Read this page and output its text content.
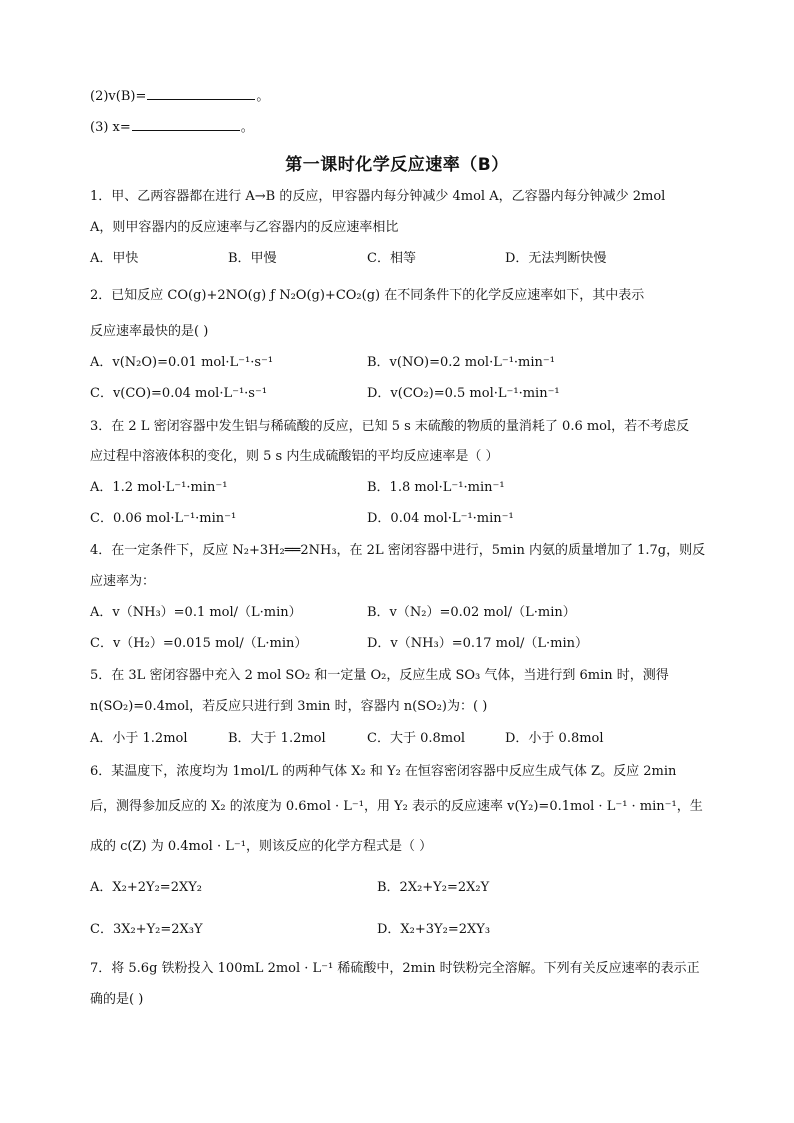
(2)v(B)=	。
(3) x=	。
第一课时化学反应速率（B）
1．甲、乙两容器都在进行 A→B 的反应，甲容器内每分钟减少 4mol A，乙容器内每分钟减少 2mol
A，则甲容器内的反应速率与乙容器内的反应速率相比
A．甲快	B．甲慢	C．相等	D．无法判断快慢
2．已知反应 CO(g)+2NO(g) ƒ N₂O(g)+CO₂(g) 在不同条件下的化学反应速率如下，其中表示
反应速率最快的是( )
A．v(N₂O)=0.01 mol·L⁻¹·s⁻¹	B．v(NO)=0.2 mol·L⁻¹·min⁻¹
C．v(CO)=0.04 mol·L⁻¹·s⁻¹	D．v(CO₂)=0.5 mol·L⁻¹·min⁻¹
3．在 2 L 密闭容器中发生铝与稀硫酸的反应，已知 5 s 末硫酸的物质的量消耗了 0.6 mol，若不考虑反
应过程中溶液体积的变化，则 5 s 内生成硫酸铝的平均反应速率是（ ）
A．1.2 mol·L⁻¹·min⁻¹	B．1.8 mol·L⁻¹·min⁻¹
C．0.06 mol·L⁻¹·min⁻¹	D．0.04 mol·L⁻¹·min⁻¹
4．在一定条件下，反应 N₂+3H₂══2NH₃，在 2L 密闭容器中进行，5min 内氨的质量增加了 1.7g，则反
应速率为：
A．v（NH₃）=0.1 mol/（L·min）	B．v（N₂）=0.02 mol/（L·min）
C．v（H₂）=0.015 mol/（L·min）	D．v（NH₃）=0.17 mol/（L·min）
5．在 3L 密闭容器中充入 2 mol SO₂ 和一定量 O₂，反应生成 SO₃ 气体，当进行到 6min 时，测得
n(SO₂)=0.4mol，若反应只进行到 3min 时，容器内 n(SO₂)为：( )
A．小于 1.2mol	B．大于 1.2mol	C．大于 0.8mol	D．小于 0.8mol
6．某温度下，浓度均为 1mol/L 的两种气体 X₂ 和 Y₂ 在恒容密闭容器中反应生成气体 Z。反应 2min
后，测得参加反应的 X₂ 的浓度为 0.6mol · L⁻¹，用 Y₂ 表示的反应速率 v(Y₂)=0.1mol · L⁻¹ · min⁻¹，生
成的 c(Z) 为 0.4mol · L⁻¹，则该反应的化学方程式是（ ）
A．X₂+2Y₂=2XY₂	B．2X₂+Y₂=2X₂Y
C．3X₂+Y₂=2X₃Y	D．X₂+3Y₂=2XY₃
7．将 5.6g 铁粉投入 100mL 2mol · L⁻¹ 稀硫酸中，2min 时铁粉完全溶解。下列有关反应速率的表示正
确的是( )
